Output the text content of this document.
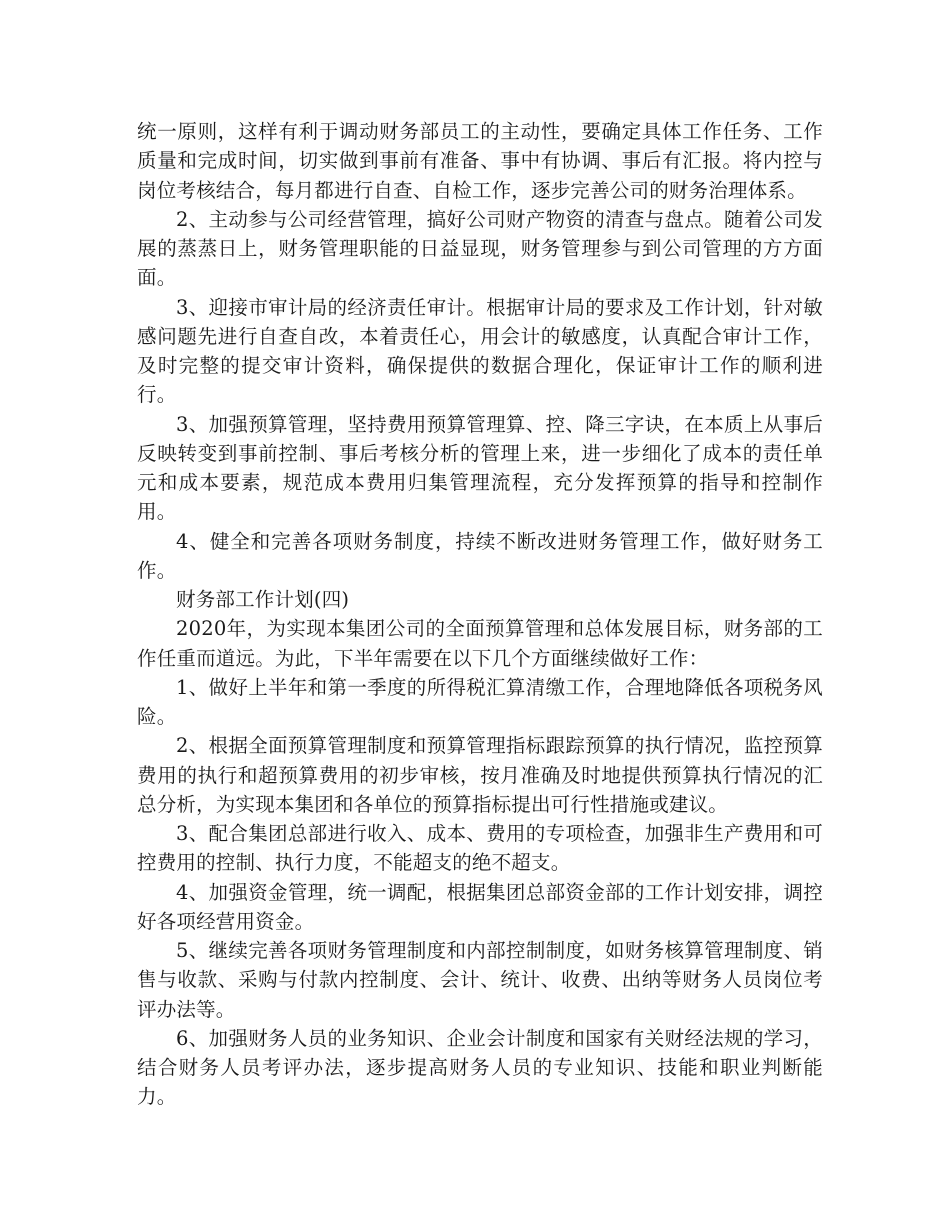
统一原则，这样有利于调动财务部员工的主动性，要确定具体工作任务、工作质量和完成时间，切实做到事前有准备、事中有协调、事后有汇报。将内控与岗位考核结合，每月都进行自查、自检工作，逐步完善公司的财务治理体系。

2、主动参与公司经营管理，搞好公司财产物资的清查与盘点。随着公司发展的蒸蒸日上，财务管理职能的日益显现，财务管理参与到公司管理的方方面面。

3、迎接市审计局的经济责任审计。根据审计局的要求及工作计划，针对敏感问题先进行自查自改，本着责任心，用会计的敏感度，认真配合审计工作，及时完整的提交审计资料，确保提供的数据合理化，保证审计工作的顺利进行。

3、加强预算管理，坚持费用预算管理算、控、降三字诀，在本质上从事后反映转变到事前控制、事后考核分析的管理上来，进一步细化了成本的责任单元和成本要素，规范成本费用归集管理流程，充分发挥预算的指导和控制作用。

4、健全和完善各项财务制度，持续不断改进财务管理工作，做好财务工作。

财务部工作计划(四)

2020年，为实现本集团公司的全面预算管理和总体发展目标，财务部的工作任重而道远。为此，下半年需要在以下几个方面继续做好工作：

1、做好上半年和第一季度的所得税汇算清缴工作，合理地降低各项税务风险。

2、根据全面预算管理制度和预算管理指标跟踪预算的执行情况，监控预算费用的执行和超预算费用的初步审核，按月准确及时地提供预算执行情况的汇总分析，为实现本集团和各单位的预算指标提出可行性措施或建议。

3、配合集团总部进行收入、成本、费用的专项检查，加强非生产费用和可控费用的控制、执行力度，不能超支的绝不超支。

4、加强资金管理，统一调配，根据集团总部资金部的工作计划安排，调控好各项经营用资金。

5、继续完善各项财务管理制度和内部控制制度，如财务核算管理制度、销售与收款、采购与付款内控制度、会计、统计、收费、出纳等财务人员岗位考评办法等。

6、加强财务人员的业务知识、企业会计制度和国家有关财经法规的学习，结合财务人员考评办法，逐步提高财务人员的专业知识、技能和职业判断能力。
